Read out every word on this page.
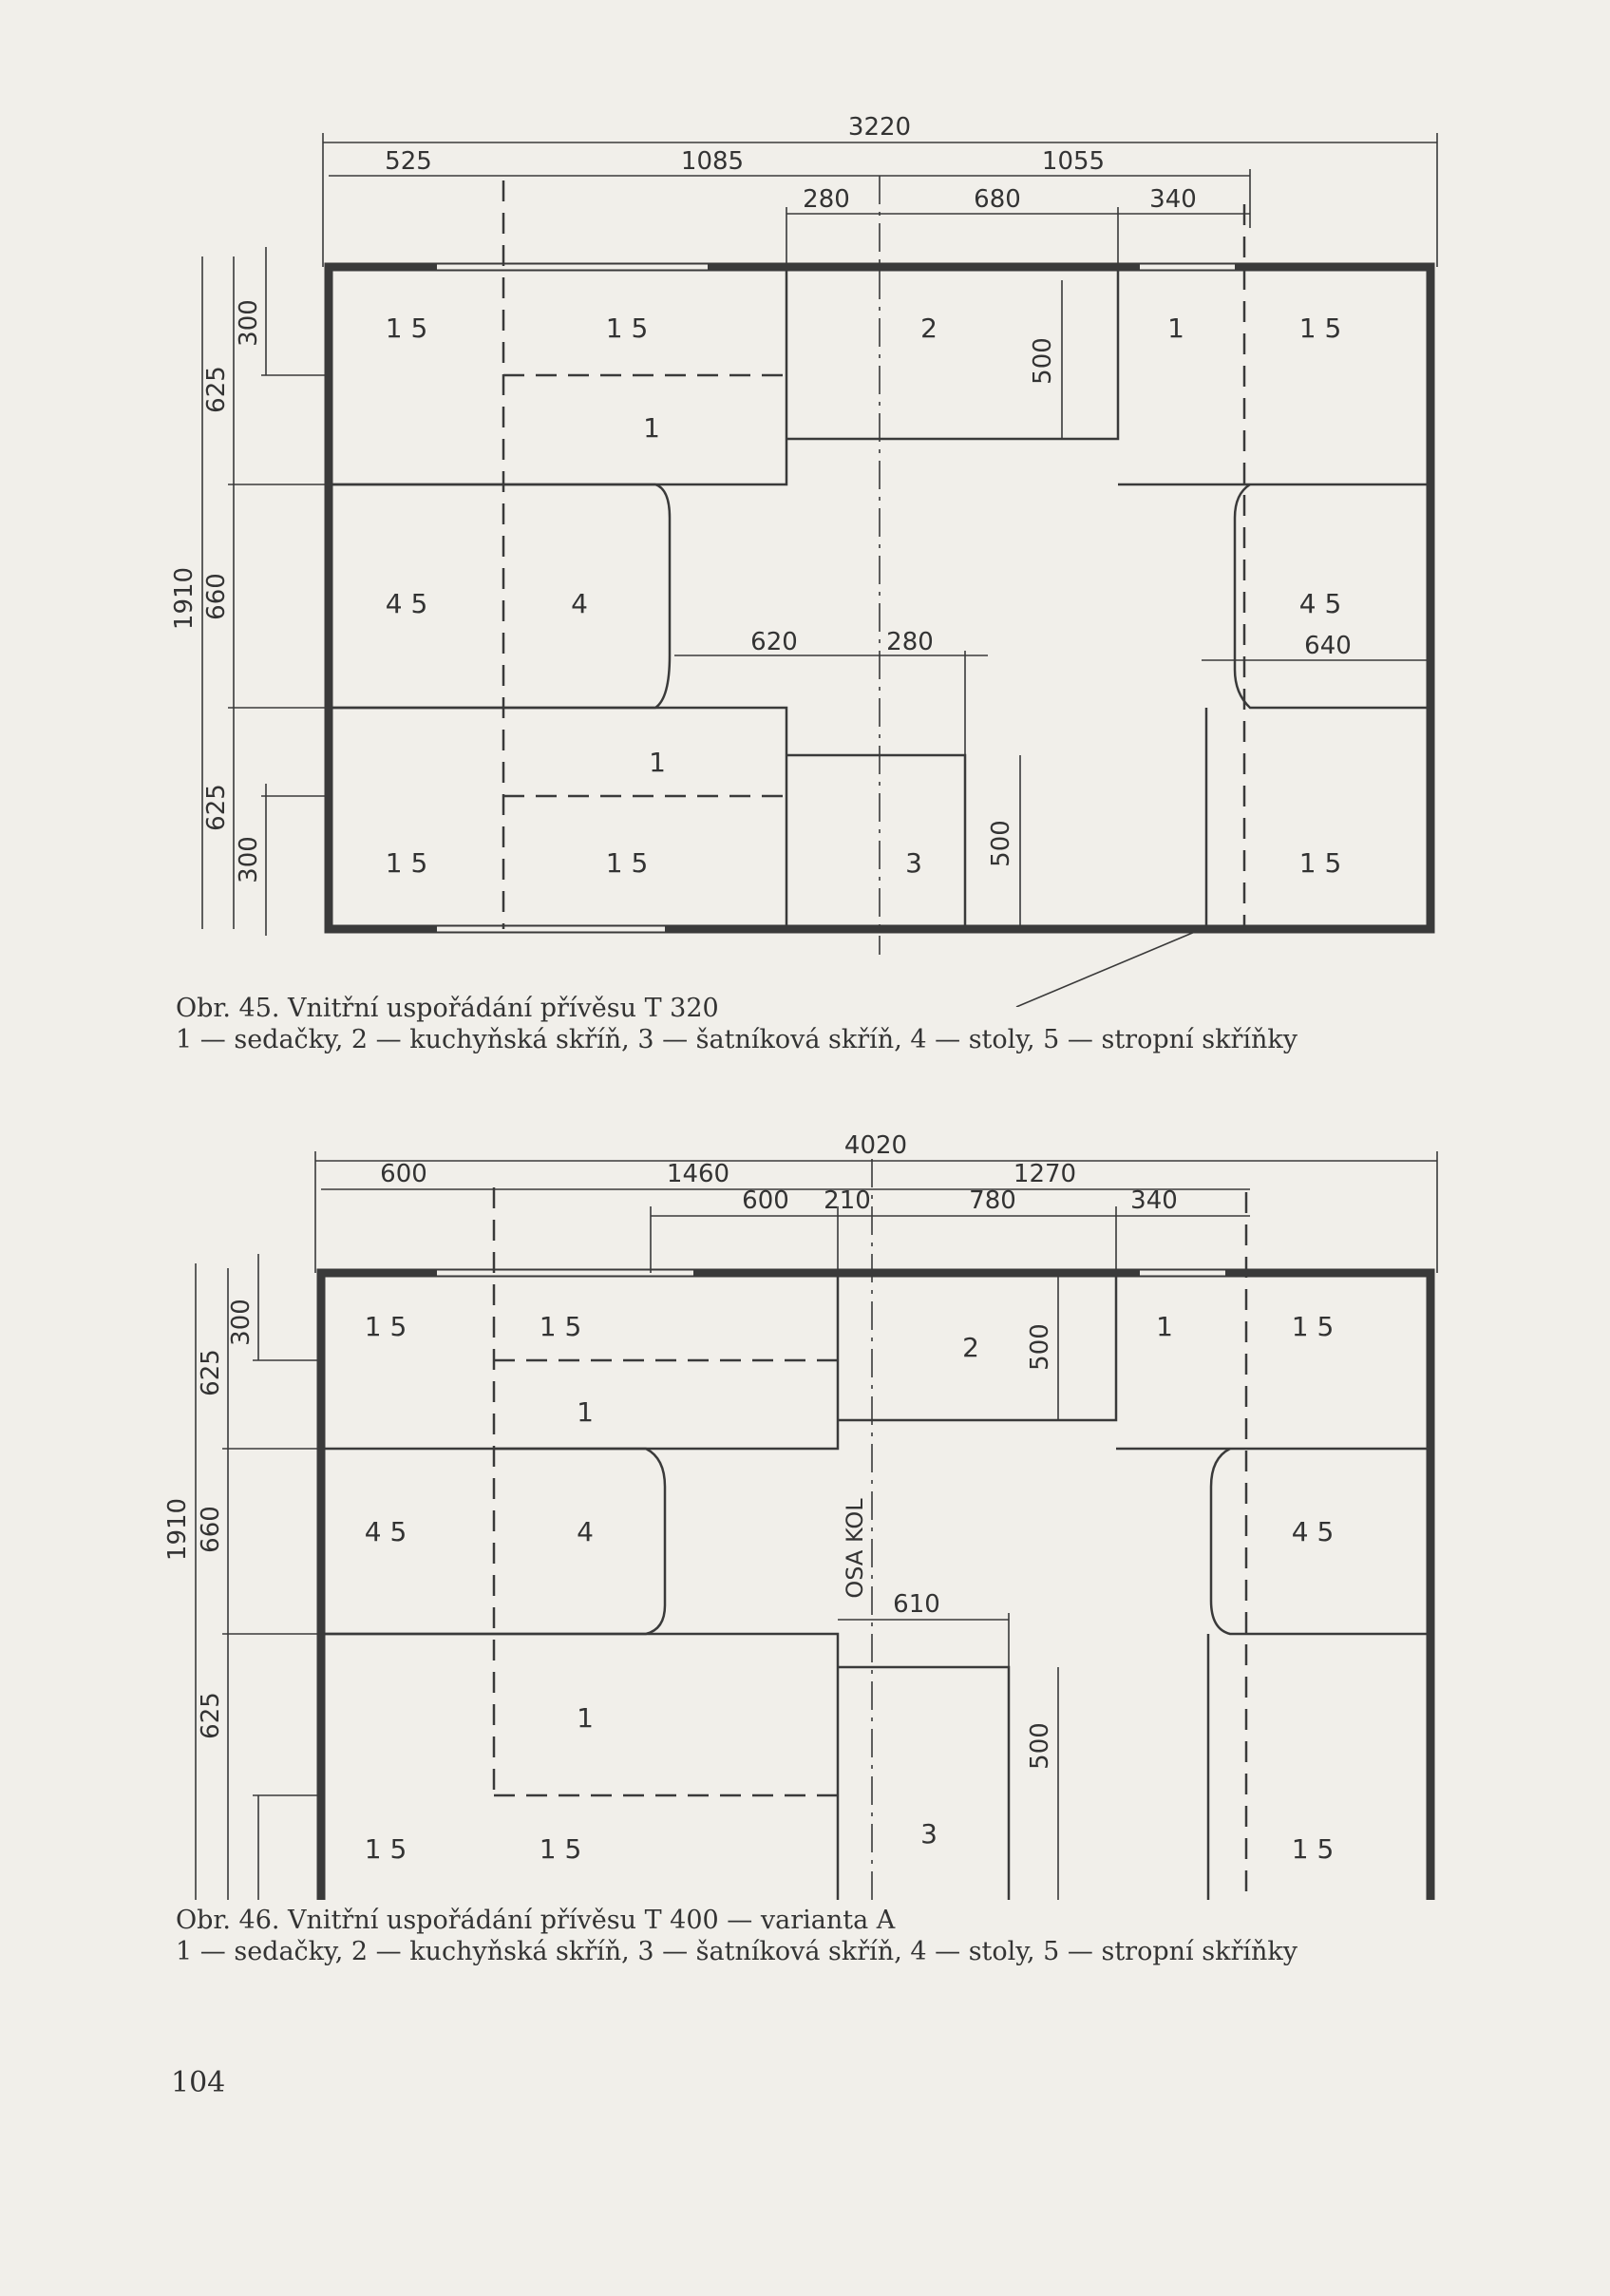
3220
525	1085	1055
280	680	340
620	280	640
500
500
1910
625
660
625
300
300
1 5	1 5	2	1	1 5
1
4 5	4	4 5
1
1 5	1 5	3	1 5
Obr. 45. Vnitřní uspořádání přívěsu T 320
1 — sedačky, 2 — kuchyňská skříň, 3 — šatníková skříň, 4 — stoly, 5 — stropní skříňky
4020
600	1460	1270
600 210	780	340
610
500
500
OSA KOL
1910
625
660
625
300	1 5	1 5
2
1	1 5
1
4 5	4	4 5
1
1 5	1 5	3	1 5
Obr. 46. Vnitřní uspořádání přívěsu T 400 — varianta A
1 — sedačky, 2 — kuchyňská skříň, 3 — šatníková skříň, 4 — stoly, 5 — stropní skříňky
104
